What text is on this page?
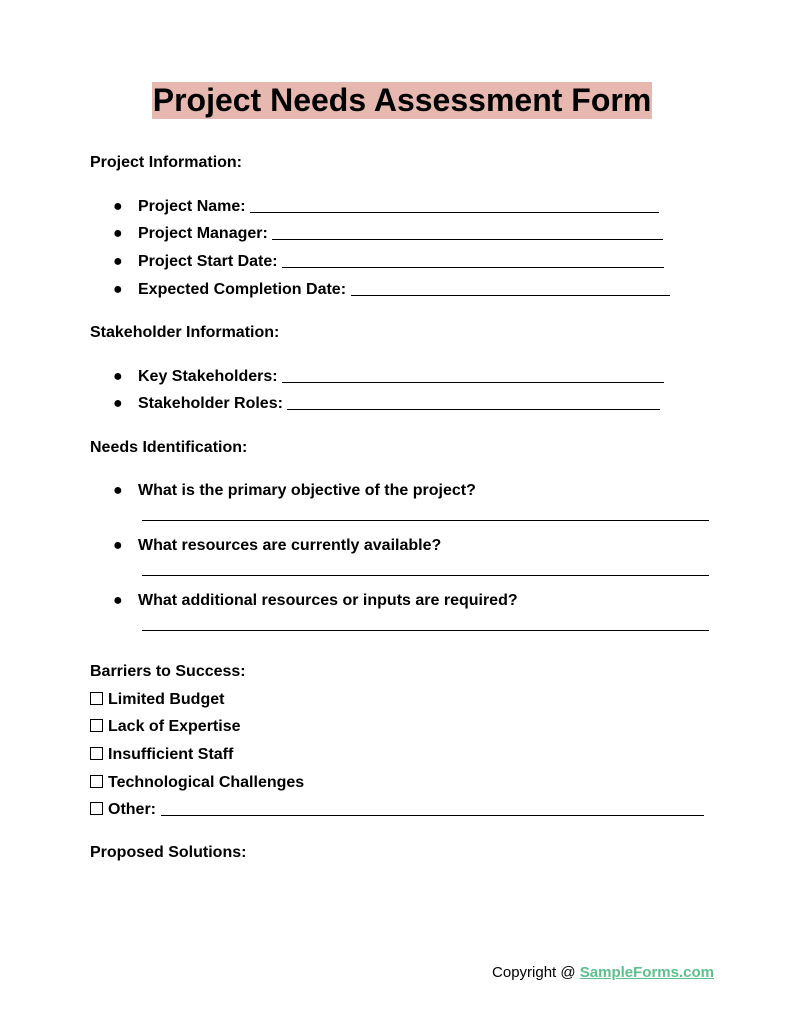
Project Needs Assessment Form
Project Information:
● Project Name:
● Project Manager:
● Project Start Date:
● Expected Completion Date:
Stakeholder Information:
● Key Stakeholders:
● Stakeholder Roles:
Needs Identification:
● What is the primary objective of the project?
● What resources are currently available?
● What additional resources or inputs are required?
Barriers to Success:
Limited Budget
Lack of Expertise
Insufficient Staff
Technological Challenges
Other:
Proposed Solutions:
Copyright @ SampleForms.com
